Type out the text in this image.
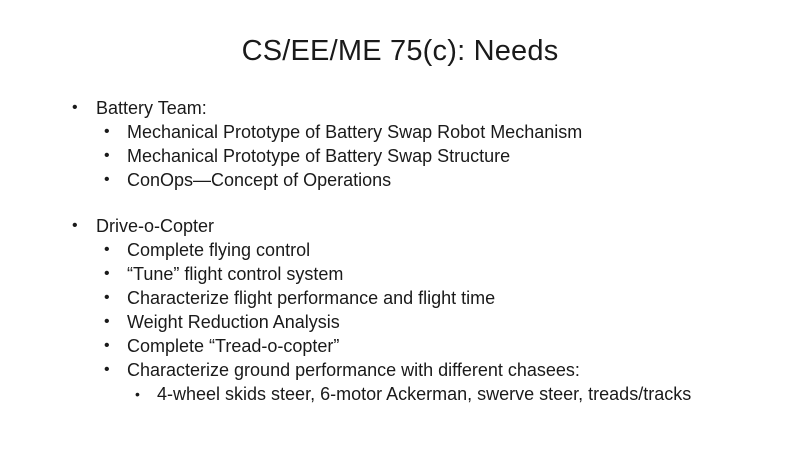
CS/EE/ME 75(c): Needs
• Battery Team:
• Mechanical Prototype of Battery Swap Robot Mechanism
• Mechanical Prototype of Battery Swap Structure
• ConOps—Concept of Operations
• Drive-o-Copter
• Complete flying control
• “Tune” flight control system
• Characterize flight performance and flight time
• Weight Reduction Analysis
• Complete “Tread-o-copter”
• Characterize ground performance with different chasees:
• 4-wheel skids steer, 6-motor Ackerman, swerve steer, treads/tracks
